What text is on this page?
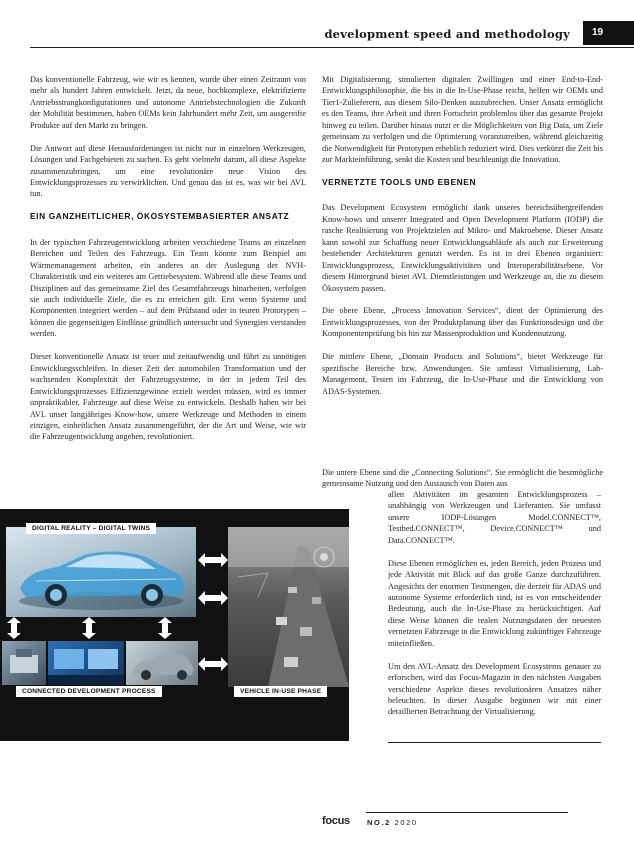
development speed and methodology	19

Das konventionelle Fahrzeug, wie wir es kennen, wurde über einen Zeitraum von mehr als hundert Jahren entwickelt. Jetzt, da neue, hochkomplexe, elektrifizierte Antriebsstrangkonfigurationen und autonome Antriebstechnologien die Zukunft der Mobilität bestimmen, haben OEMs kein Jahrhundert mehr Zeit, um ausgereifte Produkte auf den Markt zu bringen.

Die Antwort auf diese Herausforderungen ist nicht nur in einzelnen Werkzeugen, Lösungen und Fachgebieten zu suchen. Es geht vielmehr darum, all diese Aspekte zusammenzubringen, um eine revolutionäre neue Vision des Entwicklungsprozesses zu verwirklichen. Und genau das ist es, was wir bei AVL tun.

EIN GANZHEITLICHER, ÖKOSYSTEMBASIERTER ANSATZ

In der typischen Fahrzeugentwicklung arbeiten verschiedene Teams an einzelnen Bereichen und Teilen des Fahrzeugs. Ein Team könnte zum Beispiel am Wärmemanagement arbeiten, ein anderes an der Auslegung der NVH-Charakteristik und ein weiteres am Getriebesystem. Während alle diese Teams und Disziplinen auf das gemeinsame Ziel des Gesamtfahrzeugs hinarbeiten, verfolgen sie auch individuelle Ziele, die es zu erreichen gilt. Erst wenn Systeme und Komponenten integriert werden – auf dem Prüfstand oder in teuren Prototypen – können die gegenseitigen Einflüsse gründlich untersucht und Synergien verstanden werden.

Dieser konventionelle Ansatz ist teuer und zeitaufwendig und führt zu unnötigen Entwicklungsschleifen. In dieser Zeit der automobilen Transformation und der wachsenden Komplexität der Fahrzeugsysteme, in der in jedem Teil des Entwicklungsprozesses Effizienzgewinne erzielt werden müssen, wird es immer unpraktikabler, Fahrzeuge auf diese Weise zu entwickeln. Deshalb haben wir bei AVL unser langjähriges Know-how, unsere Werkzeuge und Methoden in einem einzigen, einheitlichen Ansatz zusammengeführt, der die Art und Weise, wie wir die Fahrzeugentwicklung angehen, revolutioniert.

Mit Digitalisierung, simulierten digitalen Zwillingen und einer End-to-End-Entwicklungsphilosophie, die bis in die In-Use-Phase reicht, helfen wir OEMs und Tier1-Zulieferern, aus diesem Silo-Denken auszubrechen. Unser Ansatz ermöglicht es den Teams, ihre Arbeit und ihren Fortschritt problemlos über das gesamte Projekt hinweg zu teilen. Darüber hinaus nutzt er die Möglichkeiten von Big Data, um Ziele gemeinsam zu verfolgen und die Optimierung voranzutreiben, während gleichzeitig die Notwendigkeit für Prototypen erheblich reduziert wird. Dies verkürzt die Zeit bis zur Markteinführung, senkt die Kosten und beschleunigt die Innovation.

VERNETZTE TOOLS UND EBENEN

Das Development Ecosystem ermöglicht dank unseres bereichsübergreifenden Know-hows und unserer Integrated and Open Development Platform (IODP) die rasche Realisierung von Projektzielen auf Mikro- und Makroebene. Dieser Ansatz kann sowohl zur Schaffung neuer Entwicklungsabläufe als auch zur Erweiterung bestehender Architekturen genutzt werden. Es ist in drei Ebenen organisiert: Entwicklungsprozess, Entwicklungsaktivitäten und Interoperabilitätsebene. Vor diesem Hintergrund bietet AVL Dienstleistungen und Werkzeuge an, die zu diesem Ökosystem passen.

Die obere Ebene, „Process Innovation Services“, dient der Optimierung des Entwicklungsprozesses, von der Produktplanung über das Funktionsdesign und die Komponentenprüfung bis hin zur Massenproduktion und Kundennutzung.

Die mittlere Ebene, „Domain Products and Solutions“, bietet Werkzeuge für spezifische Bereiche bzw. Anwendungen. Sie umfasst Virtualisierung, Lab-Management, Testen im Fahrzeug, die In-Use-Phase und die Entwicklung von ADAS-Systemen.

Die untere Ebene sind die „Connecting Solutions“. Sie ermöglicht die bestmögliche gemeinsame Nutzung und den Austausch von Daten aus

allen Aktivitäten im gesamten Entwicklungsprozess – unabhängig von Werkzeugen und Lieferanten. Sie umfasst unsere IODP-Lösungen Model.CONNECT™, Testbed.CONNECT™, Device.CONNECT™ und Data.CONNECT™.

Diese Ebenen ermöglichen es, jeden Bereich, jeden Prozess und jede Aktivität mit Blick auf das große Ganze durchzuführen. Angesichts der enormen Testmengen, die derzeit für ADAS und autonome Systeme erforderlich sind, ist es von entscheidender Bedeutung, auch die In-Use-Phase zu berücksichtigen. Auf diese Weise können die realen Nutzungsdaten der neuesten vernetzten Fahrzeuge in die Entwicklung zukünftiger Fahrzeuge miteinfließen.

Um den AVL-Ansatz des Development Ecosystems genauer zu erforschen, wird das Focus-Magazin in den nächsten Ausgaben verschiedene Aspekte dieses revolutionären Ansatzes näher beleuchten. In dieser Ausgabe beginnen wir mit einer detaillierten Betrachtung der Virtualisierung.

DIGITAL REALITY – DIGITAL TWINS
CONNECTED DEVELOPMENT PROCESS	VEHICLE IN-USE PHASE
focus NO.2 2020
